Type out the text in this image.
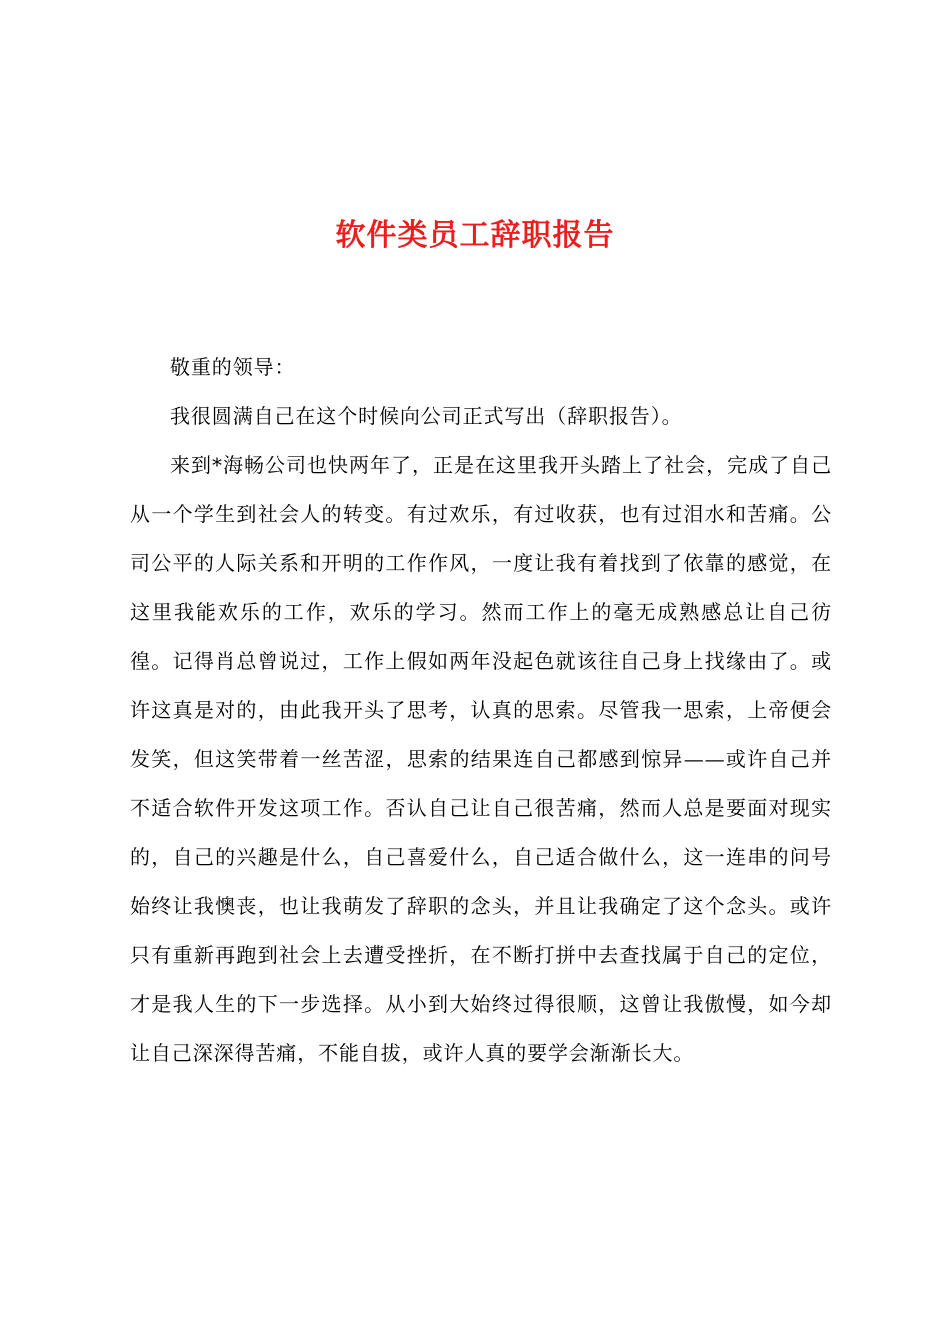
软件类员工辞职报告

敬重的领导：

我很圆满自己在这个时候向公司正式写出（辞职报告）。

来到*海畅公司也快两年了，正是在这里我开头踏上了社会，完成了自己从一个学生到社会人的转变。有过欢乐，有过收获，也有过泪水和苦痛。公司公平的人际关系和开明的工作作风，一度让我有着找到了依靠的感觉，在这里我能欢乐的工作，欢乐的学习。然而工作上的毫无成熟感总让自己彷徨。记得肖总曾说过，工作上假如两年没起色就该往自己身上找缘由了。或许这真是对的，由此我开头了思考，认真的思索。尽管我一思索，上帝便会发笑，但这笑带着一丝苦涩，思索的结果连自己都感到惊异——或许自己并不适合软件开发这项工作。否认自己让自己很苦痛，然而人总是要面对现实的，自己的兴趣是什么，自己喜爱什么，自己适合做什么，这一连串的问号始终让我懊丧，也让我萌发了辞职的念头，并且让我确定了这个念头。或许只有重新再跑到社会上去遭受挫折，在不断打拼中去查找属于自己的定位，才是我人生的下一步选择。从小到大始终过得很顺，这曾让我傲慢，如今却让自己深深得苦痛，不能自拔，或许人真的要学会渐渐长大。
